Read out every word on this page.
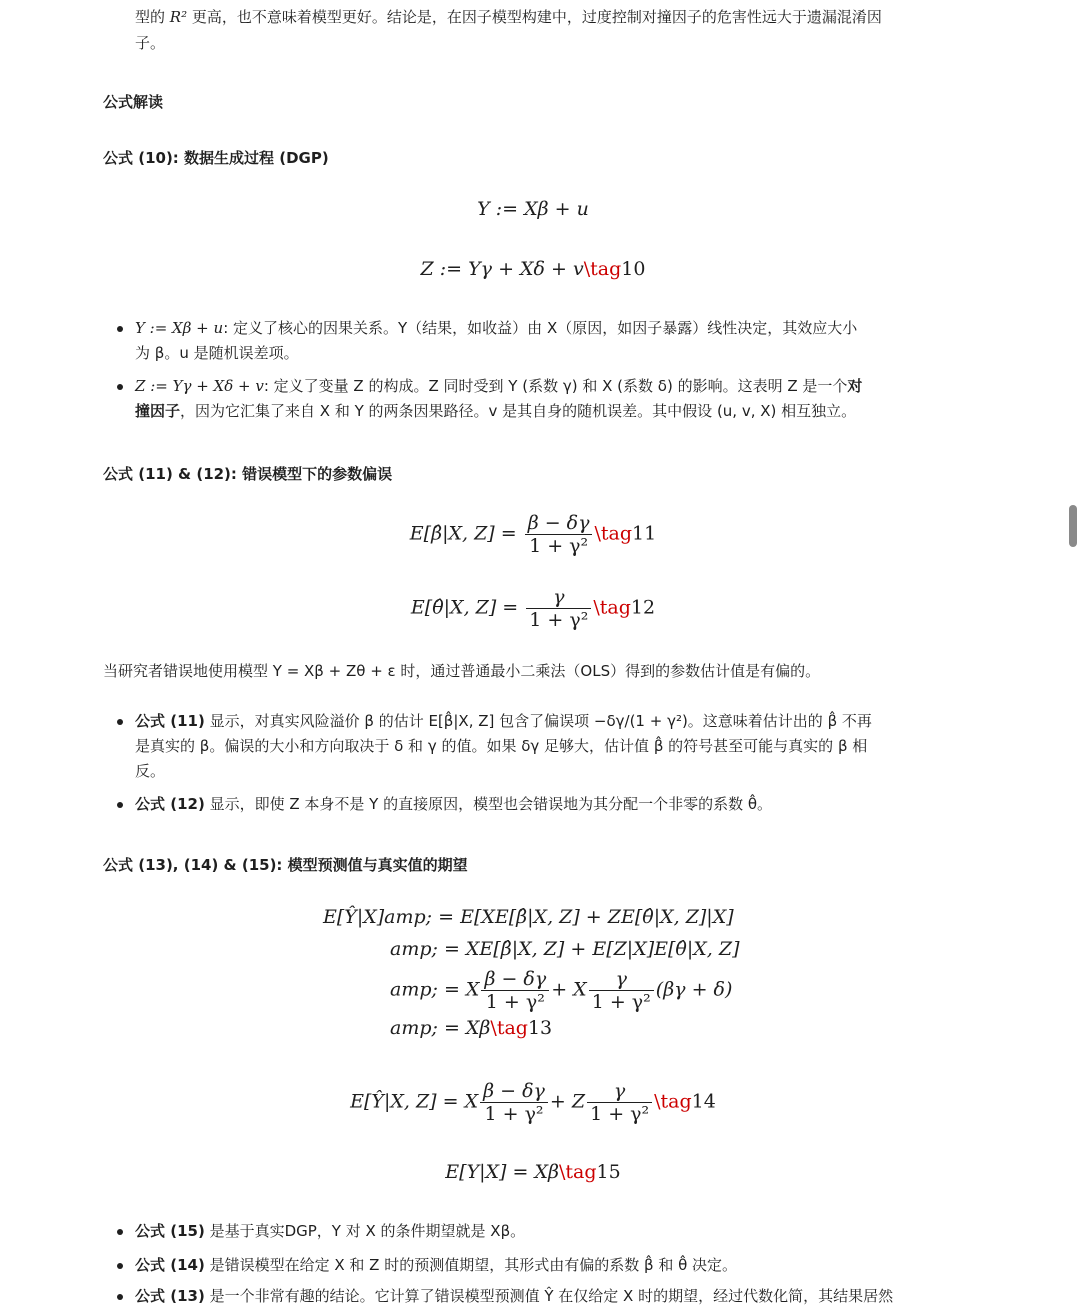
型的 R² 更高，也不意味着模型更好。结论是，在因子模型构建中，过度控制对撞因子的危害性远大于遗漏混淆因
子。
公式解读
公式 (10): 数据生成过程 (DGP)
Y := Xβ + u
Z := Yγ + Xδ + v\tag10

Y := Xβ + u: 定义了核心的因果关系。Y（结果，如收益）由 X（原因，如因子暴露）线性决定，其效应大小

为 β。u 是随机误差项。

Z := Yγ + Xδ + v: 定义了变量 Z 的构成。Z 同时受到 Y (系数 γ) 和 X (系数 δ) 的影响。这表明 Z 是一个对

撞因子，因为它汇集了来自 X 和 Y 的两条因果路径。v 是其自身的随机误差。其中假设 (u, v, X) 相互独立。

公式 (11) & (12): 错误模型下的参数偏误
E[β̂|X, $Z] = \frac{\beta - \delta\gamma}{\text{1 + γ²}}$ \tag11
E[θ̂|X, $Z] = \frac{\gamma}{\text{1 + γ²}}$ \tag12
当研究者错误地使用模型 Y = Xβ + Zθ + ε 时，通过普通最小二乘法（OLS）得到的参数估计值是有偏的。

公式 (11) 显示，对真实风险溢价 β 的估计 E[β̂|X, Z] 包含了偏误项 −δγ/(1 + γ²)。这意味着估计出的 β̂ 不再

是真实的 β。偏误的大小和方向取决于 δ 和 γ 的值。如果 δγ 足够大，估计值 β̂ 的符号甚至可能与真实的 β 相

反。

公式 (12) 显示，即使 Z 本身不是 Y 的直接原因，模型也会错误地为其分配一个非零的系数 θ̂。

公式 (13), (14) & (15): 模型预测值与真实值的期望
E[Ŷ|X]amp; = E[XE[β̂|X, Z] + ZE[θ̂|X, Z]|X]
amp; = XE[β̂|X, Z] + E[Z|X]E[θ̂|X, Z]
amp; = X $\frac{\beta - \delta\gamma}{\text{1 + γ²}} + X \frac{\gamma}{\text{1 + γ²}} (\beta\gamma + \delta)$
amp; = Xβ\tag13
E[Ŷ|X, Z] = X $\frac{\beta - \delta\gamma}{\text{1 + γ²}} + Z \frac{\gamma}{\text{1 + γ²}}$ \tag14
E[Y|X] = Xβ\tag15

公式 (15) 是基于真实DGP，Y 对 X 的条件期望就是 Xβ。

公式 (14) 是错误模型在给定 X 和 Z 时的预测值期望，其形式由有偏的系数 β̂ 和 θ̂ 决定。

公式 (13) 是一个非常有趣的结论。它计算了错误模型预测值 Ŷ 在仅给定 X 时的期望，经过代数化简，其结果居然
